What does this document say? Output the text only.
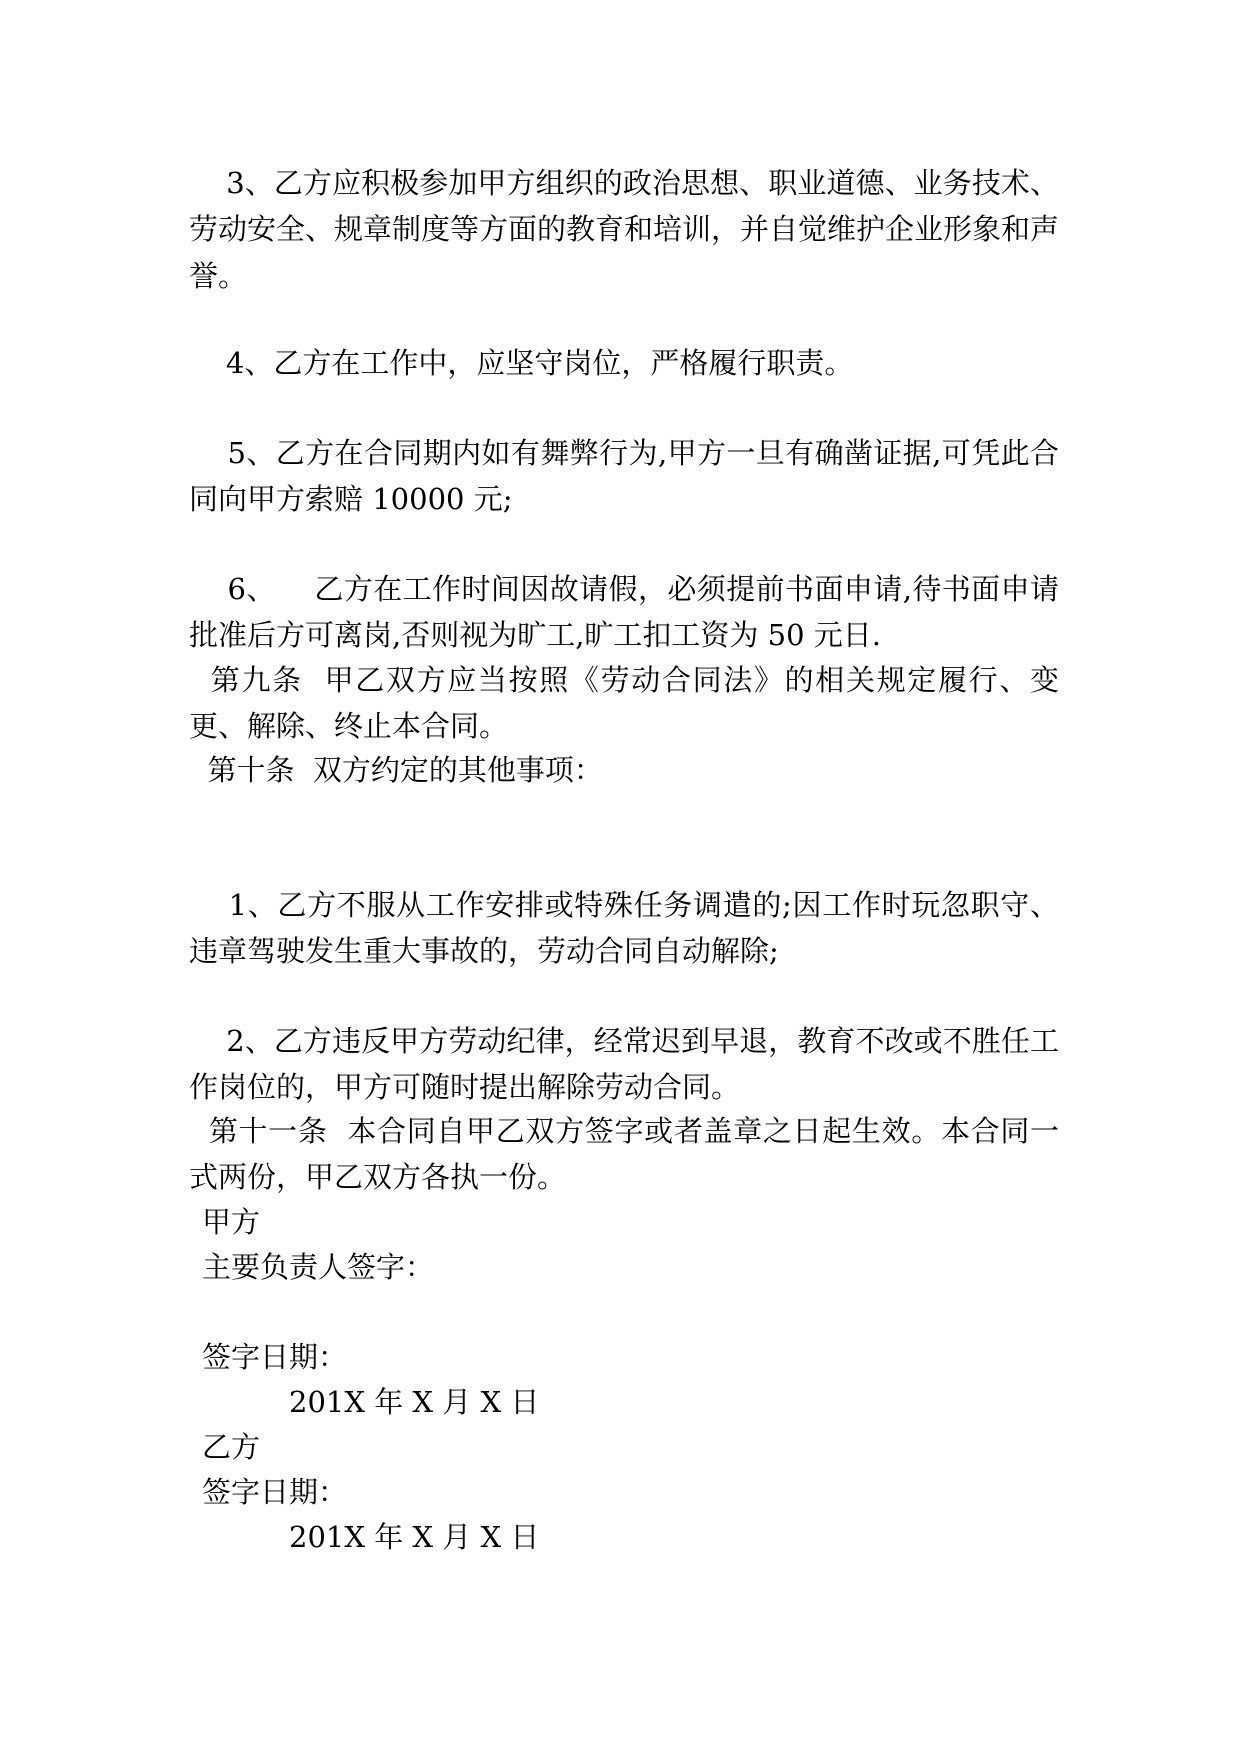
3、乙方应积极参加甲方组织的政治思想、职业道德、业务技术、劳动安全、规章制度等方面的教育和培训，并自觉维护企业形象和声誉。

4、乙方在工作中，应坚守岗位，严格履行职责。

5、乙方在合同期内如有舞弊行为,甲方一旦有确凿证据,可凭此合同向甲方索赔 10000 元;

6、    乙方在工作时间因故请假，必须提前书面申请,待书面申请批准后方可离岗,否则视为旷工,旷工扣工资为 50 元日.

第九条  甲乙双方应当按照《劳动合同法》的相关规定履行、变更、解除、终止本合同。

第十条  双方约定的其他事项：

1、乙方不服从工作安排或特殊任务调遣的;因工作时玩忽职守、违章驾驶发生重大事故的，劳动合同自动解除;

2、乙方违反甲方劳动纪律，经常迟到早退，教育不改或不胜任工作岗位的，甲方可随时提出解除劳动合同。

第十一条  本合同自甲乙双方签字或者盖章之日起生效。本合同一式两份，甲乙双方各执一份。

甲方

主要负责人签字：

签字日期：

201X 年 X 月 X 日

乙方

签字日期：

201X 年 X 月 X 日
